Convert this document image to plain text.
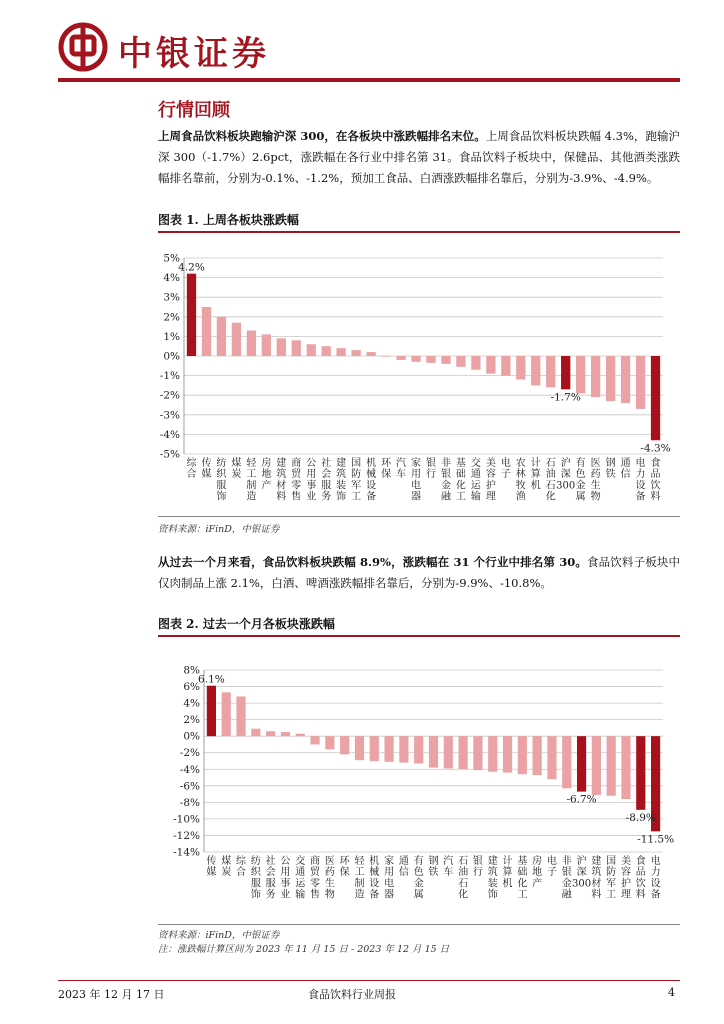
中银证券
行情回顾
上周食品饮料板块跑输沪深 300，在各板块中涨跌幅排名末位。上周食品饮料板块跌幅 4.3%，跑输沪深 300（-1.7%）2.6pct，涨跌幅在各行业中排名第 31。食品饮料子板块中，保健品、其他酒类涨跌幅排名靠前，分别为-0.1%、-1.2%，预加工食品、白酒涨跌幅排名靠后，分别为-3.9%、-4.9%。
图表 1. 上周各板块涨跌幅
5%
4%
3%
2%
1%
0%
-1%
-2%
-3%
-4%
-5%
综合
传媒
纺织服饰
煤炭
轻工制造
房地产
建筑材料
商贸零售
公用事业
社会服务
建筑装饰
国防军工
机械设备
环保
汽车
家用电器
银行
非银金融
基础化工
交通运输
美容护理
电子
农林牧渔
计算机
石油石化
沪深 300
有色金属
医药生物
钢铁
通信
电力设备
食品饮料
4.2%
-1.7%
-4.3%
资料来源：iFinD，中银证券
从过去一个月来看，食品饮料板块跌幅 8.9%，涨跌幅在 31 个行业中排名第 30。食品饮料子板块中仅肉制品上涨 2.1%，白酒、啤酒涨跌幅排名靠后，分别为-9.9%、-10.8%。
图表 2. 过去一个月各板块涨跌幅
8%
6%
4%
2%
0%
-2%
-4%
-6%
-8%
-10%
-12%
-14%
传媒
煤炭
综合
纺织服饰
社会服务
公用事业
交通运输
商贸零售
医药生物
环保
轻工制造
机械设备
家用电器
通信
有色金属
钢铁
汽车
石油石化
银行
建筑装饰
计算机
基础化工
房地产
电子
非银金融
沪深 300
建筑材料
国防军工
美容护理
食品饮料
电力设备
6.1%
-6.7%
-8.9%
-11.5%
资料来源：iFinD，中银证券
注：涨跌幅计算区间为 2023 年 11 月 15 日 - 2023 年 12 月 15 日
2023 年 12 月 17 日	食品饮料行业周报	4
